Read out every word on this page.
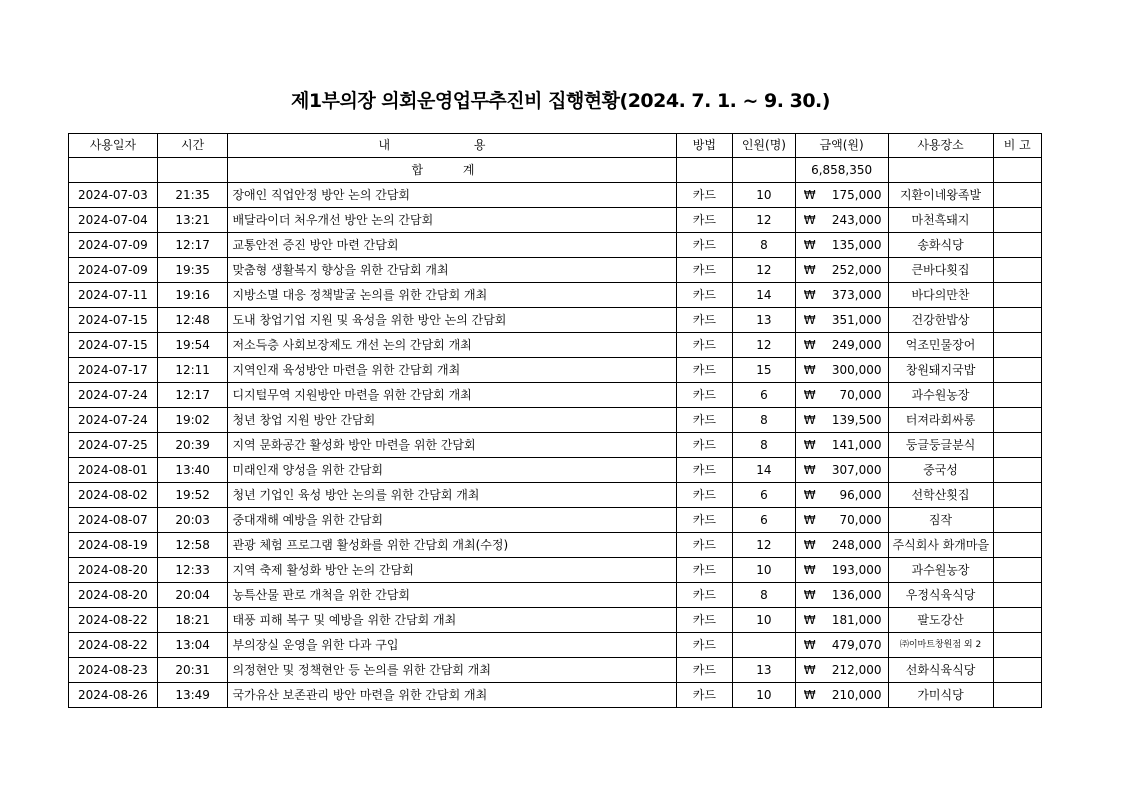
제1부의장 의회운영업무추진비 집행현황(2024. 7. 1. ~ 9. 30.)
사용일자	시간	내 용	방법	인원(명)	금액(원)	사용장소	비 고
		합 계			6,858,350		
2024-07-03	21:35	장애인 직업안정 방안 논의 간담회	카드	10	₩ 175,000	지환이네왕족발	
2024-07-04	13:21	배달라이더 처우개선 방안 논의 간담회	카드	12	₩ 243,000	마천흑돼지	
2024-07-09	12:17	교통안전 증진 방안 마련 간담회	카드	8	₩ 135,000	송화식당	
2024-07-09	19:35	맞춤형 생활복지 향상을 위한 간담회 개최	카드	12	₩ 252,000	큰바다횟집	
2024-07-11	19:16	지방소멸 대응 정책발굴 논의를 위한 간담회 개최	카드	14	₩ 373,000	바다의만찬	
2024-07-15	12:48	도내 창업기업 지원 및 육성을 위한 방안 논의 간담회	카드	13	₩ 351,000	건강한밥상	
2024-07-15	19:54	저소득층 사회보장제도 개선 논의 간담회 개최	카드	12	₩ 249,000	억조민물장어	
2024-07-17	12:11	지역인재 육성방안 마련을 위한 간담회 개최	카드	15	₩ 300,000	창원돼지국밥	
2024-07-24	12:17	디지털무역 지원방안 마련을 위한 간담회 개최	카드	6	₩ 70,000	과수원농장	
2024-07-24	19:02	청년 창업 지원 방안 간담회	카드	8	₩ 139,500	터져라회싸롱	
2024-07-25	20:39	지역 문화공간 활성화 방안 마련을 위한 간담회	카드	8	₩ 141,000	둥글둥글분식	
2024-08-01	13:40	미래인재 양성을 위한 간담회	카드	14	₩ 307,000	중국성	
2024-08-02	19:52	청년 기업인 육성 방안 논의를 위한 간담회 개최	카드	6	₩ 96,000	선학산횟집	
2024-08-07	20:03	중대재해 예방을 위한 간담회	카드	6	₩ 70,000	짐작	
2024-08-19	12:58	관광 체험 프로그램 활성화를 위한 간담회 개최(수정)	카드	12	₩ 248,000	주식회사 화개마을	
2024-08-20	12:33	지역 축제 활성화 방안 논의 간담회	카드	10	₩ 193,000	과수원농장	
2024-08-20	20:04	농특산물 판로 개척을 위한 간담회	카드	8	₩ 136,000	우정식육식당	
2024-08-22	18:21	태풍 피해 복구 및 예방을 위한 간담회 개최	카드	10	₩ 181,000	팔도강산	
2024-08-22	13:04	부의장실 운영을 위한 다과 구입	카드		₩ 479,070	㈜이마트창원점 외 2	
2024-08-23	20:31	의정현안 및 정책현안 등 논의를 위한 간담회 개최	카드	13	₩ 212,000	선화식육식당	
2024-08-26	13:49	국가유산 보존관리 방안 마련을 위한 간담회 개최	카드	10	₩ 210,000	가미식당	
